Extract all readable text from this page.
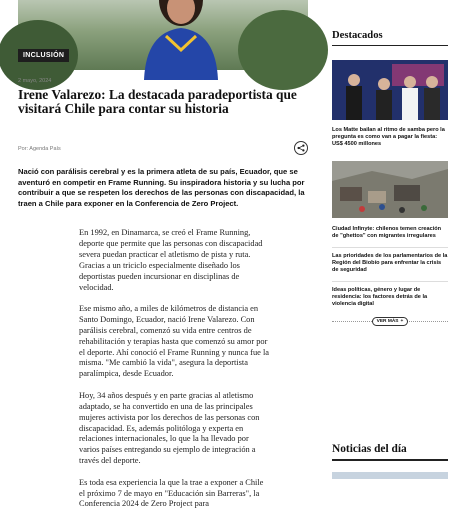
INCLUSIÓN
2 mayo, 2024
Irene Valarezo: La destacada paradeportista que visitará Chile para contar su historia
Por: Agenda País

Nació con parálisis cerebral y es la primera atleta de su país, Ecuador, que se aventuró en competir en Frame Running. Su inspiradora historia y su lucha por contribuir a que se respeten los derechos de las personas con discapacidad, la traen a Chile para exponer en la Conferencia de Zero Project.

En 1992, en Dinamarca, se creó el Frame Running, deporte que permite que las personas con discapacidad severa puedan practicar el atletismo de pista y ruta. Gracias a un triciclo especialmente diseñado los deportistas pueden incursionar en disciplinas de velocidad.

Ese mismo año, a miles de kilómetros de distancia en Santo Domingo, Ecuador, nació Irene Valarezo. Con parálisis cerebral, comenzó su vida entre centros de rehabilitación y terapias hasta que comenzó su amor por el deporte. Ahí conoció el Frame Running y nunca fue la misma. "Me cambió la vida", asegura la deportista paralímpica, desde Ecuador.

Hoy, 34 años después y en parte gracias al atletismo adaptado, se ha convertido en una de las principales mujeres activista por los derechos de las personas con discapacidad. Es, además politóloga y experta en relaciones internacionales, lo que la ha llevado por varios países entregando su ejemplo de integración a través del deporte.

Es toda esa experiencia la que la trae a exponer a Chile el próximo 7 de mayo en "Educación sin Barreras", la Conferencia 2024 de Zero Project para

Destacados
Los Matte bailan al ritmo de samba pero la pregunta es como van a pagar la fiesta: US$ 4500 millones
Ciudad Infinyte: chilenos temen creación de "ghettos" con migrantes irregulares
Las prioridades de los parlamentarios de la Región del Biobío para enfrentar la crisis de seguridad
Ideas políticas, género y lugar de residencia: los factores detrás de la violencia digital
VER MÁS +
Noticias del día
